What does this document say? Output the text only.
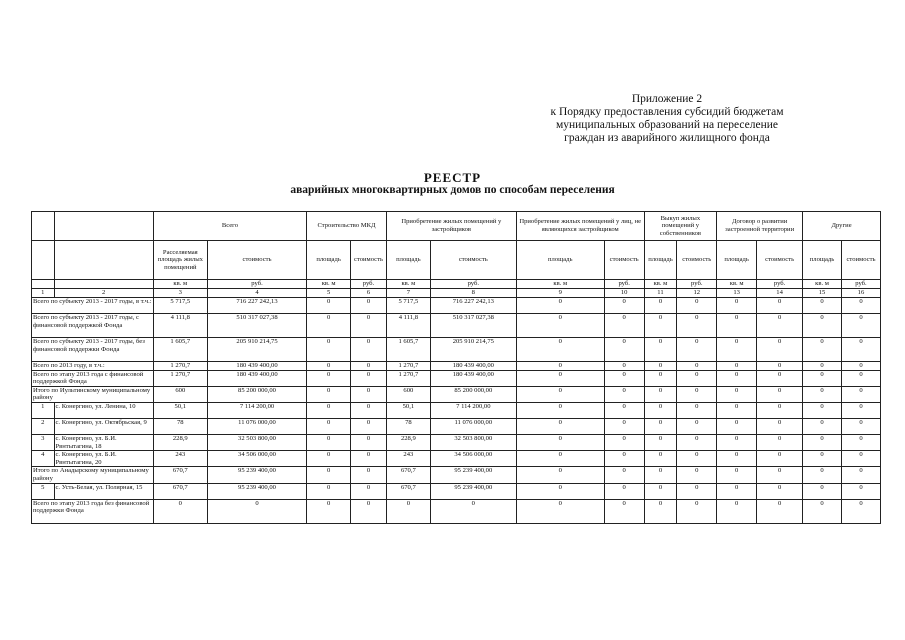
Приложение 2
к Порядку предоставления субсидий бюджетам
муниципальных образований на переселение
граждан из аварийного жилищного фонда
РЕЕСТР
аварийных многоквартирных домов по способам переселения
		Всего		Строительство МКД		Приобретение жилых помещений у застройщиков		Приобретение жилых помещений у лиц, не являющихся застройщиком		Выкуп жилых помещений у собственников		Договор о развитии застроенной территории		Другие	
		Расселяемая площадь жилых помещений	стоимость	площадь	стоимость	площадь	стоимость	площадь	стоимость	площадь	стоимость	площадь	стоимость	площадь	стоимость
		кв. м	руб.	кв. м	руб.	кв. м	руб.	кв. м	руб.	кв. м	руб.	кв. м	руб.	кв. м	руб.
1	2	3	4	5	6	7	8	9	10	11	12	13	14	15	16
Всего по субъекту 2013 - 2017 годы, в т.ч.:		5 717,5	716 227 242,13	0	0	5 717,5	716 227 242,13	0	0	0	0	0	0	0	0
Всего по субъекту 2013 - 2017 годы, с финансовой поддержкой Фонда		4 111,8	510 317 027,38	0	0	4 111,8	510 317 027,38	0	0	0	0	0	0	0	0
Всего по субъекту 2013 - 2017 годы, без финансовой поддержки Фонда		1 605,7	205 910 214,75	0	0	1 605,7	205 910 214,75	0	0	0	0	0	0	0	0
Всего по 2013 году, в т.ч.:		1 270,7	180 439 400,00	0	0	1 270,7	180 439 400,00	0	0	0	0	0	0	0	0
Всего по этапу 2013 года с финансовой поддержкой Фонда		1 270,7	180 439 400,00	0	0	1 270,7	180 439 400,00	0	0	0	0	0	0	0	0
Итого по Иультинскому муниципальному району		600	85 200 000,00	0	0	600	85 200 000,00	0	0	0	0	0	0	0	0
1	с. Конергино, ул. Ленина, 10	50,1	7 114 200,00	0	0	50,1	7 114 200,00	0	0	0	0	0	0	0	0
2	с. Конергино, ул. Октябрьская, 9	78	11 076 000,00	0	0	78	11 076 000,00	0	0	0	0	0	0	0	0
3	с. Конергино, ул. Б.И. Рвнтытагина, 18	228,9	32 503 800,00	0	0	228,9	32 503 800,00	0	0	0	0	0	0	0	0
4	с. Конергино, ул. Б.И. Рвнтытагина, 20	243	34 506 000,00	0	0	243	34 506 000,00	0	0	0	0	0	0	0	0
Итого по Анадырскому муниципальному району		670,7	95 239 400,00	0	0	670,7	95 239 400,00	0	0	0	0	0	0	0	0
5	с. Усть-Белая, ул. Полярная, 15	670,7	95 239 400,00	0	0	670,7	95 239 400,00	0	0	0	0	0	0	0	0
Всего по этапу 2013 года без финансовой поддержки Фонда		0	0	0	0	0	0	0	0	0	0	0	0	0	0
